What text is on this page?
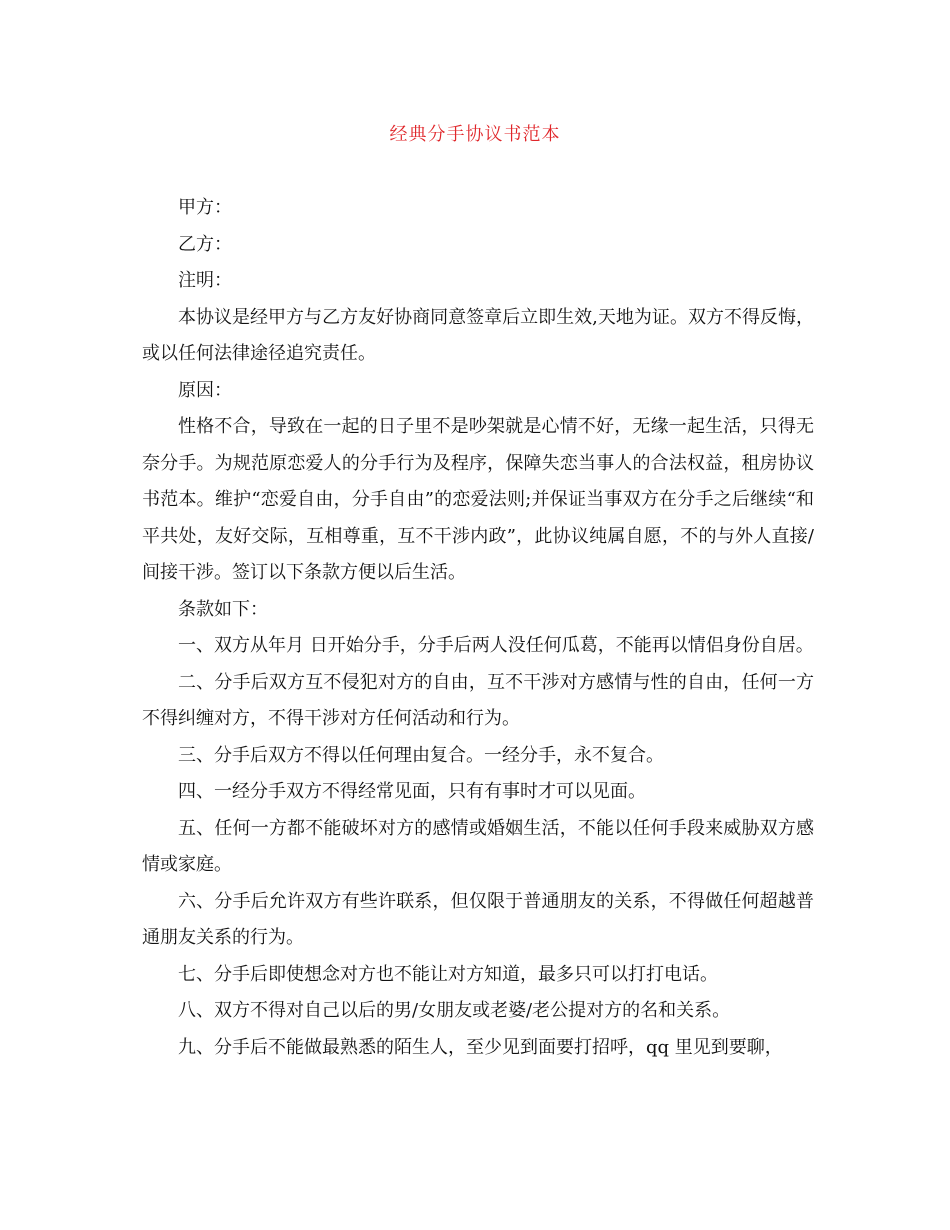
经典分手协议书范本

甲方：

乙方：

注明：

本协议是经甲方与乙方友好协商同意签章后立即生效,天地为证。双方不得反悔，或以任何法律途径追究责任。

原因：

性格不合，导致在一起的日子里不是吵架就是心情不好，无缘一起生活，只得无奈分手。为规范原恋爱人的分手行为及程序，保障失恋当事人的合法权益，租房协议书范本。维护“恋爱自由，分手自由”的恋爱法则;并保证当事双方在分手之后继续“和平共处，友好交际，互相尊重，互不干涉内政”，此协议纯属自愿，不的与外人直接/间接干涉。签订以下条款方便以后生活。

条款如下：

一、双方从年月 日开始分手，分手后两人没任何瓜葛，不能再以情侣身份自居。

二、分手后双方互不侵犯对方的自由，互不干涉对方感情与性的自由，任何一方不得纠缠对方，不得干涉对方任何活动和行为。

三、分手后双方不得以任何理由复合。一经分手，永不复合。

四、一经分手双方不得经常见面，只有有事时才可以见面。

五、任何一方都不能破坏对方的感情或婚姻生活，不能以任何手段来威胁双方感情或家庭。

六、分手后允许双方有些许联系，但仅限于普通朋友的关系，不得做任何超越普通朋友关系的行为。

七、分手后即使想念对方也不能让对方知道，最多只可以打打电话。

八、双方不得对自己以后的男/女朋友或老婆/老公提对方的名和关系。

九、分手后不能做最熟悉的陌生人，至少见到面要打招呼，qq 里见到要聊，
